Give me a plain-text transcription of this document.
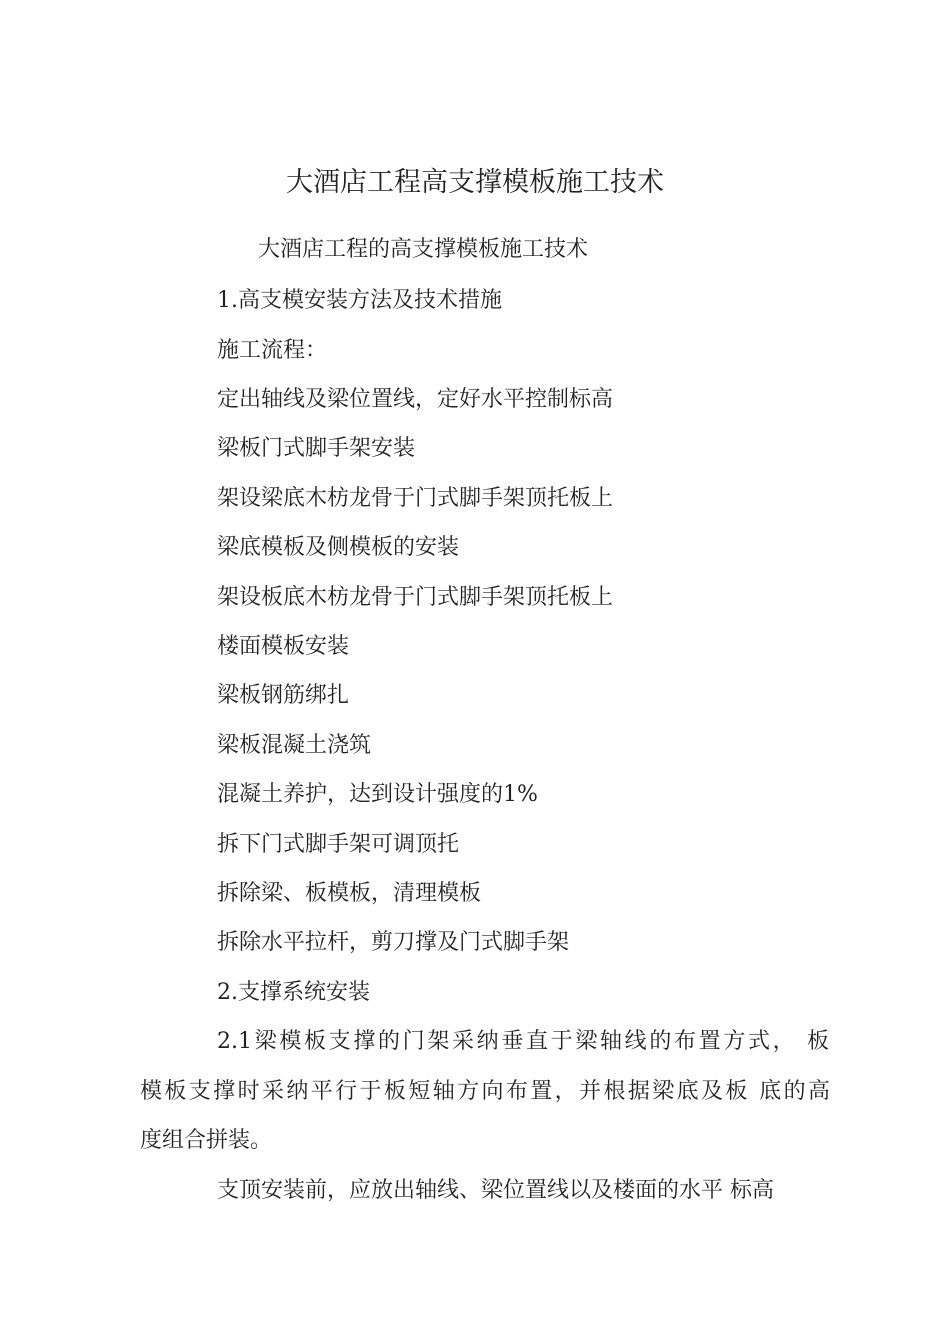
大酒店工程高支撑模板施工技术
大酒店工程的高支撑模板施工技术
1.高支模安装方法及技术措施
施工流程：
定出轴线及梁位置线，定好水平控制标高
梁板门式脚手架安装
架设梁底木枋龙骨于门式脚手架顶托板上
梁底模板及侧模板的安装
架设板底木枋龙骨于门式脚手架顶托板上
楼面模板安装
梁板钢筋绑扎
梁板混凝土浇筑
混凝土养护，达到设计强度的1%
拆下门式脚手架可调顶托
拆除梁、板模板，清理模板
拆除水平拉杆，剪刀撑及门式脚手架
2.支撑系统安装
2.1梁模板支撑的门架采纳垂直于梁轴线的布置方式， 板
模板支撑时采纳平行于板短轴方向布置，并根据梁底及板 底的高
度组合拼装。
支顶安装前，应放出轴线、梁位置线以及楼面的水平 标高
